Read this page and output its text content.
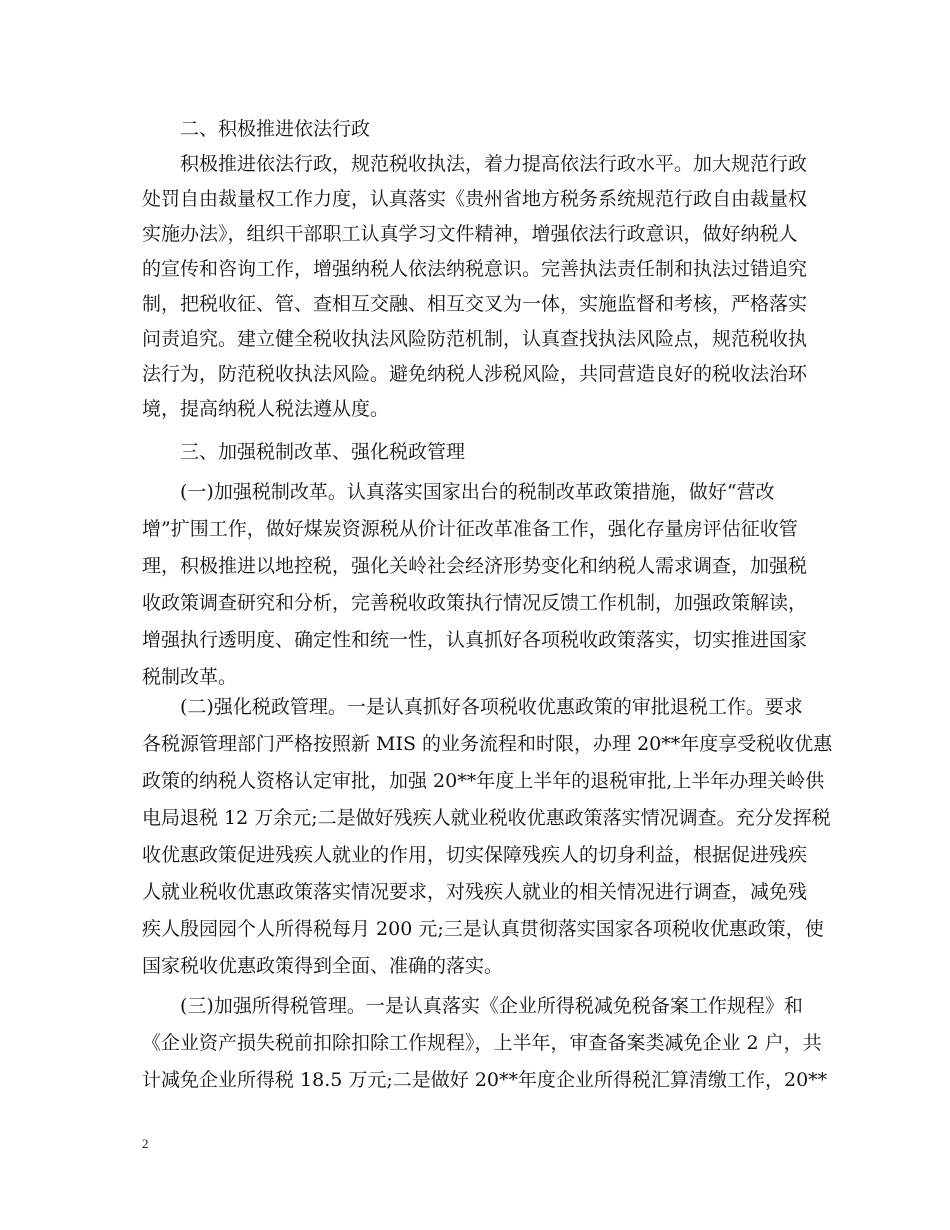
二、积极推进依法行政
积极推进依法行政，规范税收执法，着力提高依法行政水平。加大规范行政
处罚自由裁量权工作力度，认真落实《贵州省地方税务系统规范行政自由裁量权
实施办法》，组织干部职工认真学习文件精神，增强依法行政意识，做好纳税人
的宣传和咨询工作，增强纳税人依法纳税意识。完善执法责任制和执法过错追究
制，把税收征、管、查相互交融、相互交叉为一体，实施监督和考核，严格落实
问责追究。建立健全税收执法风险防范机制，认真查找执法风险点，规范税收执
法行为，防范税收执法风险。避免纳税人涉税风险，共同营造良好的税收法治环
境，提高纳税人税法遵从度。
三、加强税制改革、强化税政管理
(一)加强税制改革。认真落实国家出台的税制改革政策措施，做好“营改
增”扩围工作，做好煤炭资源税从价计征改革准备工作，强化存量房评估征收管
理，积极推进以地控税，强化关岭社会经济形势变化和纳税人需求调查，加强税
收政策调查研究和分析，完善税收政策执行情况反馈工作机制，加强政策解读，
增强执行透明度、确定性和统一性，认真抓好各项税收政策落实，切实推进国家
税制改革。
(二)强化税政管理。一是认真抓好各项税收优惠政策的审批退税工作。要求
各税源管理部门严格按照新 MIS 的业务流程和时限，办理 20**年度享受税收优惠
政策的纳税人资格认定审批，加强 20**年度上半年的退税审批,上半年办理关岭供
电局退税 12 万余元;二是做好残疾人就业税收优惠政策落实情况调查。充分发挥税
收优惠政策促进残疾人就业的作用，切实保障残疾人的切身利益，根据促进残疾
人就业税收优惠政策落实情况要求，对残疾人就业的相关情况进行调查，减免残
疾人殷园园个人所得税每月 200 元;三是认真贯彻落实国家各项税收优惠政策，使
国家税收优惠政策得到全面、准确的落实。
(三)加强所得税管理。一是认真落实《企业所得税减免税备案工作规程》和
《企业资产损失税前扣除扣除工作规程》，上半年，审查备案类减免企业 2 户，共
计减免企业所得税 18.5 万元;二是做好 20**年度企业所得税汇算清缴工作，20**
2
